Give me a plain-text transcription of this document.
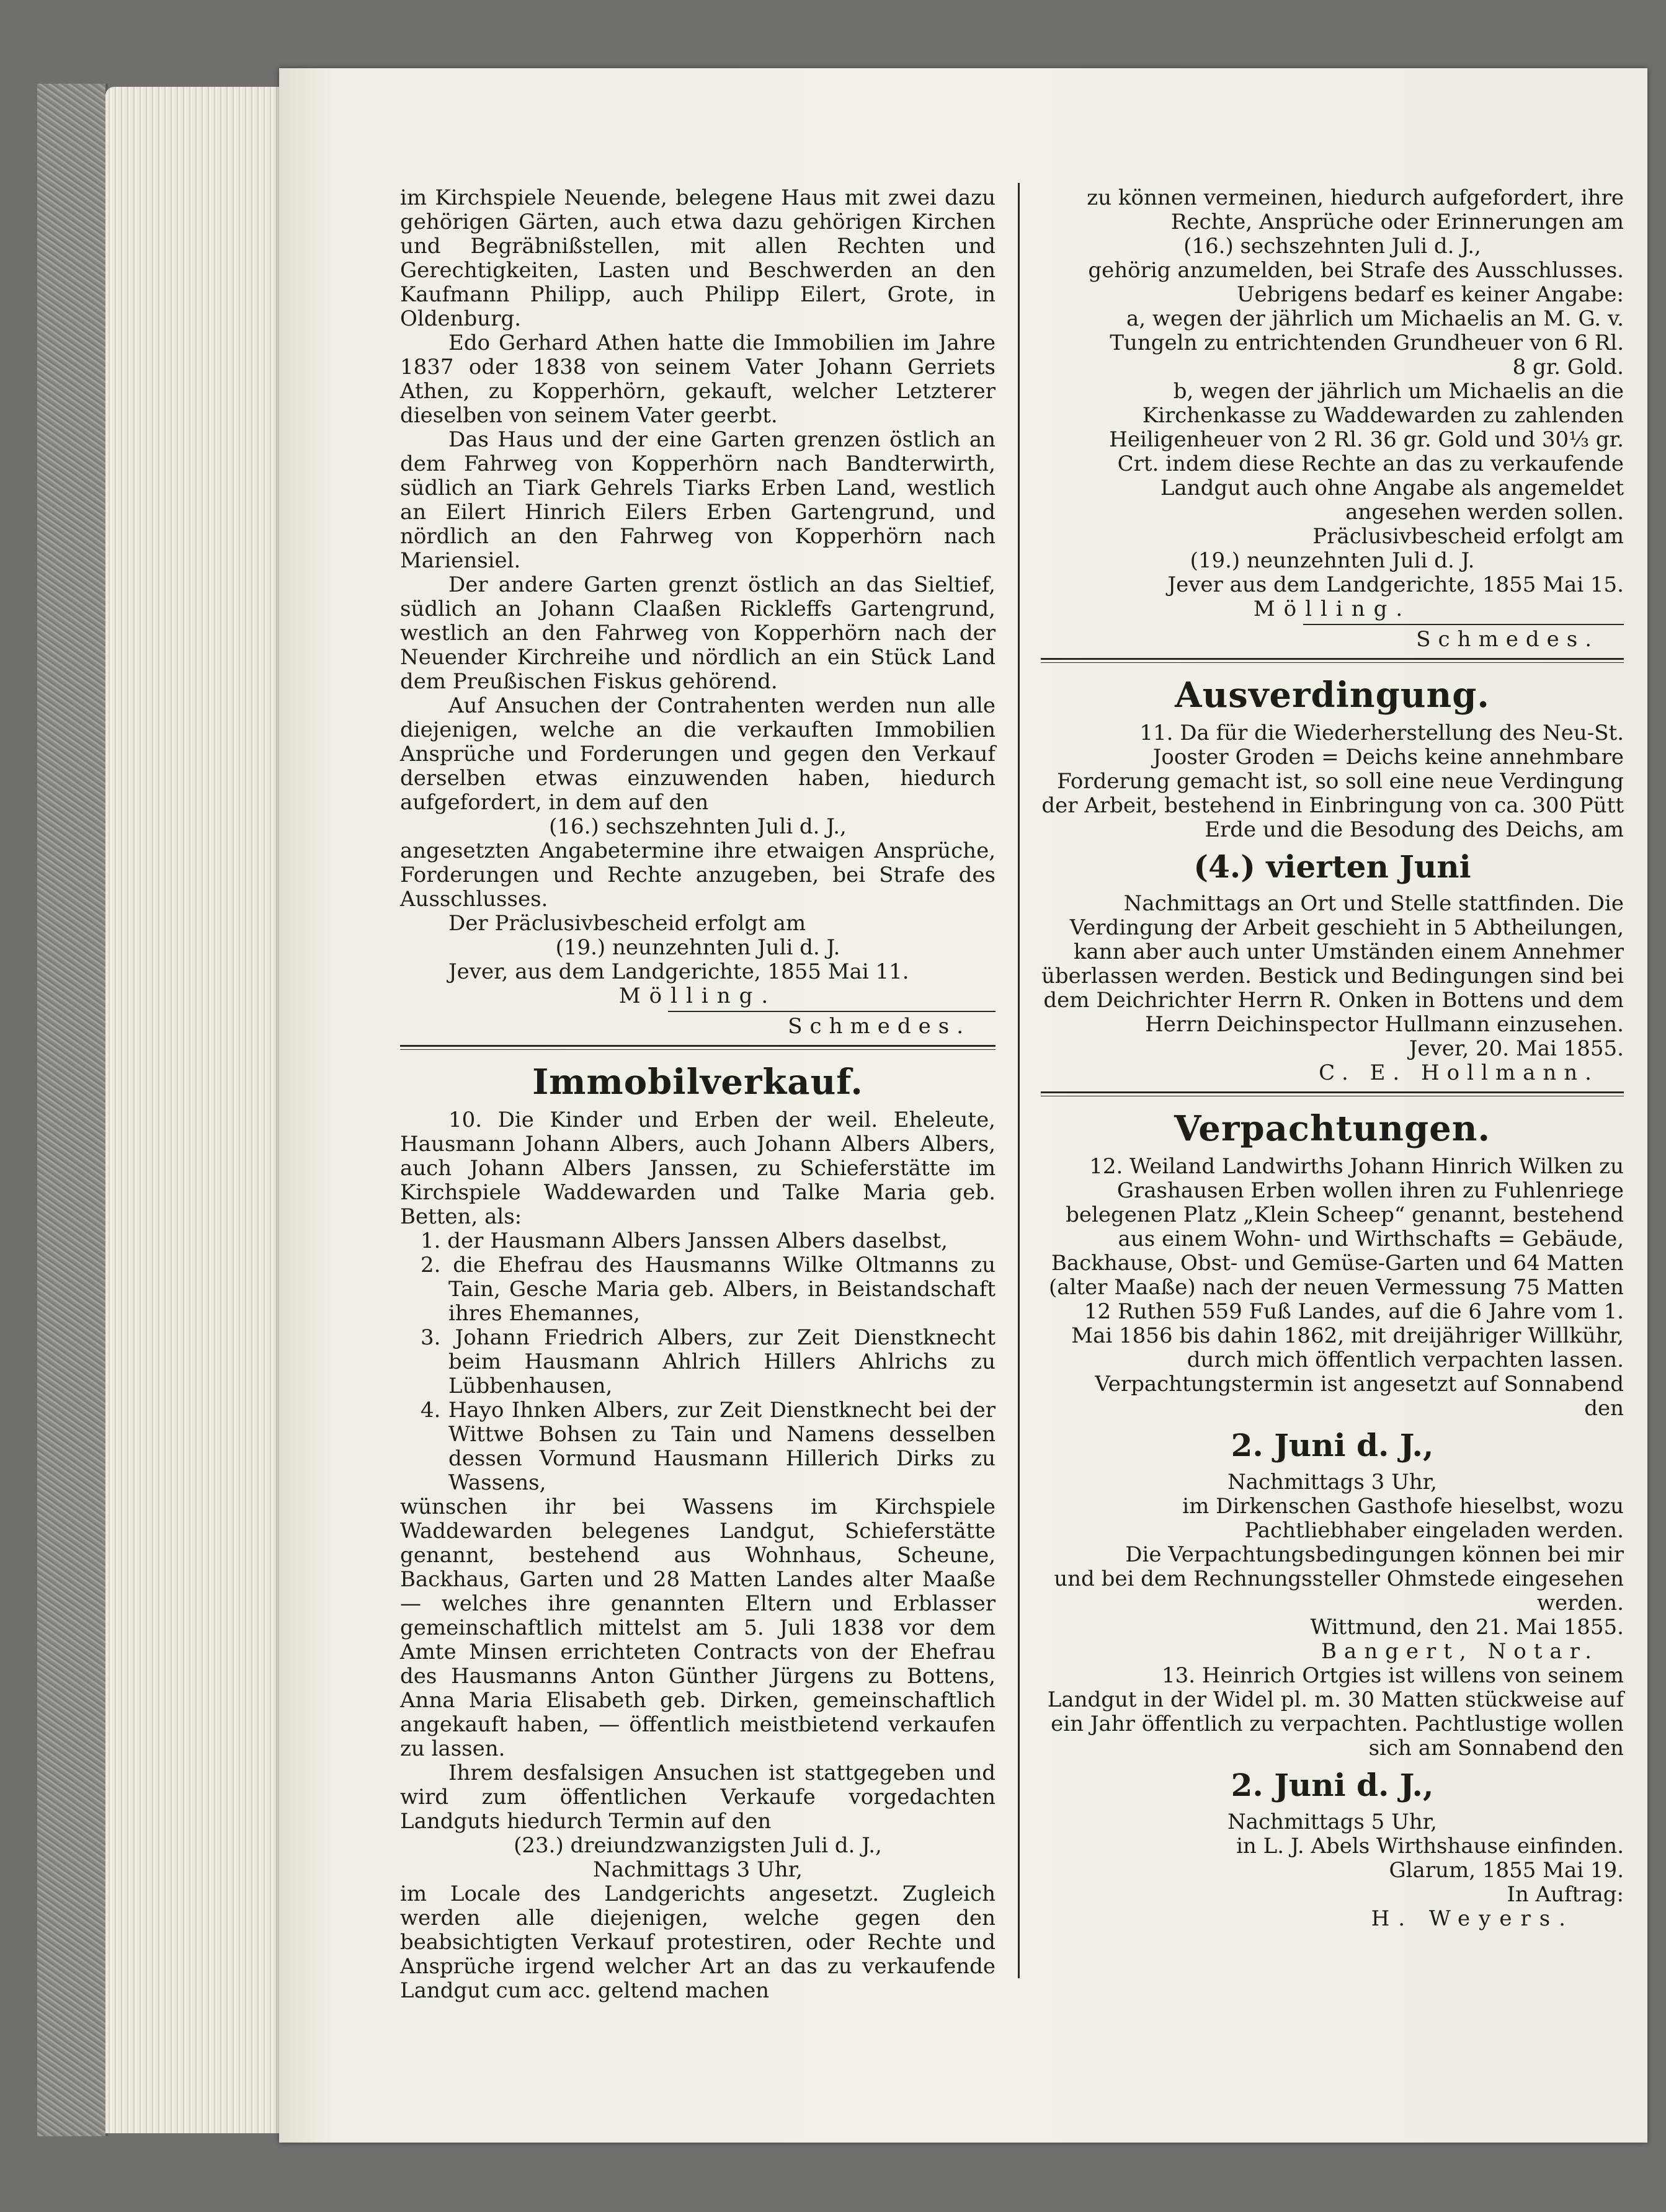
im Kirchspiele Neuende, belegene Haus mit zwei dazu gehörigen Gärten, auch etwa dazu gehörigen Kirchen und Begräbnißstellen, mit allen Rechten und Gerechtigkeiten, Lasten und Beschwerden an den Kaufmann Philipp, auch Philipp Eilert, Grote, in Oldenburg.

Edo Gerhard Athen hatte die Immobilien im Jahre 1837 oder 1838 von seinem Vater Johann Gerriets Athen, zu Kopperhörn, gekauft, welcher Letzterer dieselben von seinem Vater geerbt.

Das Haus und der eine Garten grenzen östlich an dem Fahrweg von Kopperhörn nach Bandterwirth, südlich an Tiark Gehrels Tiarks Erben Land, westlich an Eilert Hinrich Eilers Erben Gartengrund, und nördlich an den Fahrweg von Kopperhörn nach Mariensiel.

Der andere Garten grenzt östlich an das Sieltief, südlich an Johann Claaßen Rickleffs Gartengrund, westlich an den Fahrweg von Kopperhörn nach der Neuender Kirchreihe und nördlich an ein Stück Land dem Preußischen Fiskus gehörend.

Auf Ansuchen der Contrahenten werden nun alle diejenigen, welche an die verkauften Immobilien Ansprüche und Forderungen und gegen den Verkauf derselben etwas einzuwenden haben, hiedurch aufgefordert, in dem auf den

(16.) sechszehnten Juli d. J.,

angesetzten Angabetermine ihre etwaigen Ansprüche, Forderungen und Rechte anzugeben, bei Strafe des Ausschlusses.

Der Präclusivbescheid erfolgt am

(19.) neunzehnten Juli d. J.

Jever, aus dem Landgerichte, 1855 Mai 11.

Mölling.

Schmedes.

Immobilverkauf.

10. Die Kinder und Erben der weil. Eheleute, Hausmann Johann Albers, auch Johann Albers Albers, auch Johann Albers Janssen, zu Schieferstätte im Kirchspiele Waddewarden und Talke Maria geb. Betten, als:

1. der Hausmann Albers Janssen Albers daselbst,

2. die Ehefrau des Hausmanns Wilke Oltmanns zu Tain, Gesche Maria geb. Albers, in Beistandschaft ihres Ehemannes,

3. Johann Friedrich Albers, zur Zeit Dienstknecht beim Hausmann Ahlrich Hillers Ahlrichs zu Lübbenhausen,

4. Hayo Ihnken Albers, zur Zeit Dienstknecht bei der Wittwe Bohsen zu Tain und Namens desselben dessen Vormund Hausmann Hillerich Dirks zu Wassens,

wünschen ihr bei Wassens im Kirchspiele Waddewarden belegenes Landgut, Schieferstätte genannt, bestehend aus Wohnhaus, Scheune, Backhaus, Garten und 28 Matten Landes alter Maaße — welches ihre genannten Eltern und Erblasser gemeinschaftlich mittelst am 5. Juli 1838 vor dem Amte Minsen errichteten Contracts von der Ehefrau des Hausmanns Anton Günther Jürgens zu Bottens, Anna Maria Elisabeth geb. Dirken, gemeinschaftlich angekauft haben, — öffentlich meistbietend verkaufen zu lassen.

Ihrem desfalsigen Ansuchen ist stattgegeben und wird zum öffentlichen Verkaufe vorgedachten Landguts hiedurch Termin auf den

(23.) dreiundzwanzigsten Juli d. J.,

Nachmittags 3 Uhr,

im Locale des Landgerichts angesetzt. Zugleich werden alle diejenigen, welche gegen den beabsichtigten Verkauf protestiren, oder Rechte und Ansprüche irgend welcher Art an das zu verkaufende Landgut cum acc. geltend machen

zu können vermeinen, hiedurch aufgefordert, ihre Rechte, Ansprüche oder Erinnerungen am

(16.) sechszehnten Juli d. J.,

gehörig anzumelden, bei Strafe des Ausschlusses.

Uebrigens bedarf es keiner Angabe:

a, wegen der jährlich um Michaelis an M. G. v. Tungeln zu entrichtenden Grundheuer von 6 Rl. 8 gr. Gold.

b, wegen der jährlich um Michaelis an die Kirchenkasse zu Waddewarden zu zahlenden Heiligenheuer von 2 Rl. 36 gr. Gold und 30⅓ gr. Crt. indem diese Rechte an das zu verkaufende Landgut auch ohne Angabe als angemeldet angesehen werden sollen.

Präclusivbescheid erfolgt am

(19.) neunzehnten Juli d. J.

Jever aus dem Landgerichte, 1855 Mai 15.

Mölling.

Schmedes.

Ausverdingung.

11. Da für die Wiederherstellung des Neu-St. Jooster Groden = Deichs keine annehmbare Forderung gemacht ist, so soll eine neue Verdingung der Arbeit, bestehend in Einbringung von ca. 300 Pütt Erde und die Besodung des Deichs, am

(4.) vierten Juni

Nachmittags an Ort und Stelle stattfinden. Die Verdingung der Arbeit geschieht in 5 Abtheilungen, kann aber auch unter Umständen einem Annehmer überlassen werden. Bestick und Bedingungen sind bei dem Deichrichter Herrn R. Onken in Bottens und dem Herrn Deichinspector Hullmann einzusehen.

Jever, 20. Mai 1855.

C. E. Hollmann.

Verpachtungen.

12. Weiland Landwirths Johann Hinrich Wilken zu Grashausen Erben wollen ihren zu Fuhlenriege belegenen Platz „Klein Scheep“ genannt, bestehend aus einem Wohn- und Wirthschafts = Gebäude, Backhause, Obst- und Gemüse-Garten und 64 Matten (alter Maaße) nach der neuen Vermessung 75 Matten 12 Ruthen 559 Fuß Landes, auf die 6 Jahre vom 1. Mai 1856 bis dahin 1862, mit dreijähriger Willkühr, durch mich öffentlich verpachten lassen.

Verpachtungstermin ist angesetzt auf Sonnabend den

2. Juni d. J.,

Nachmittags 3 Uhr,

im Dirkenschen Gasthofe hieselbst, wozu Pachtliebhaber eingeladen werden.

Die Verpachtungsbedingungen können bei mir und bei dem Rechnungssteller Ohmstede eingesehen werden.

Wittmund, den 21. Mai 1855.

Bangert, Notar.

13. Heinrich Ortgies ist willens von seinem Landgut in der Widel pl. m. 30 Matten stückweise auf ein Jahr öffentlich zu verpachten. Pachtlustige wollen sich am Sonnabend den

2. Juni d. J.,

Nachmittags 5 Uhr,

in L. J. Abels Wirthshause einfinden.

Glarum, 1855 Mai 19.

In Auftrag:

H. Weyers.
